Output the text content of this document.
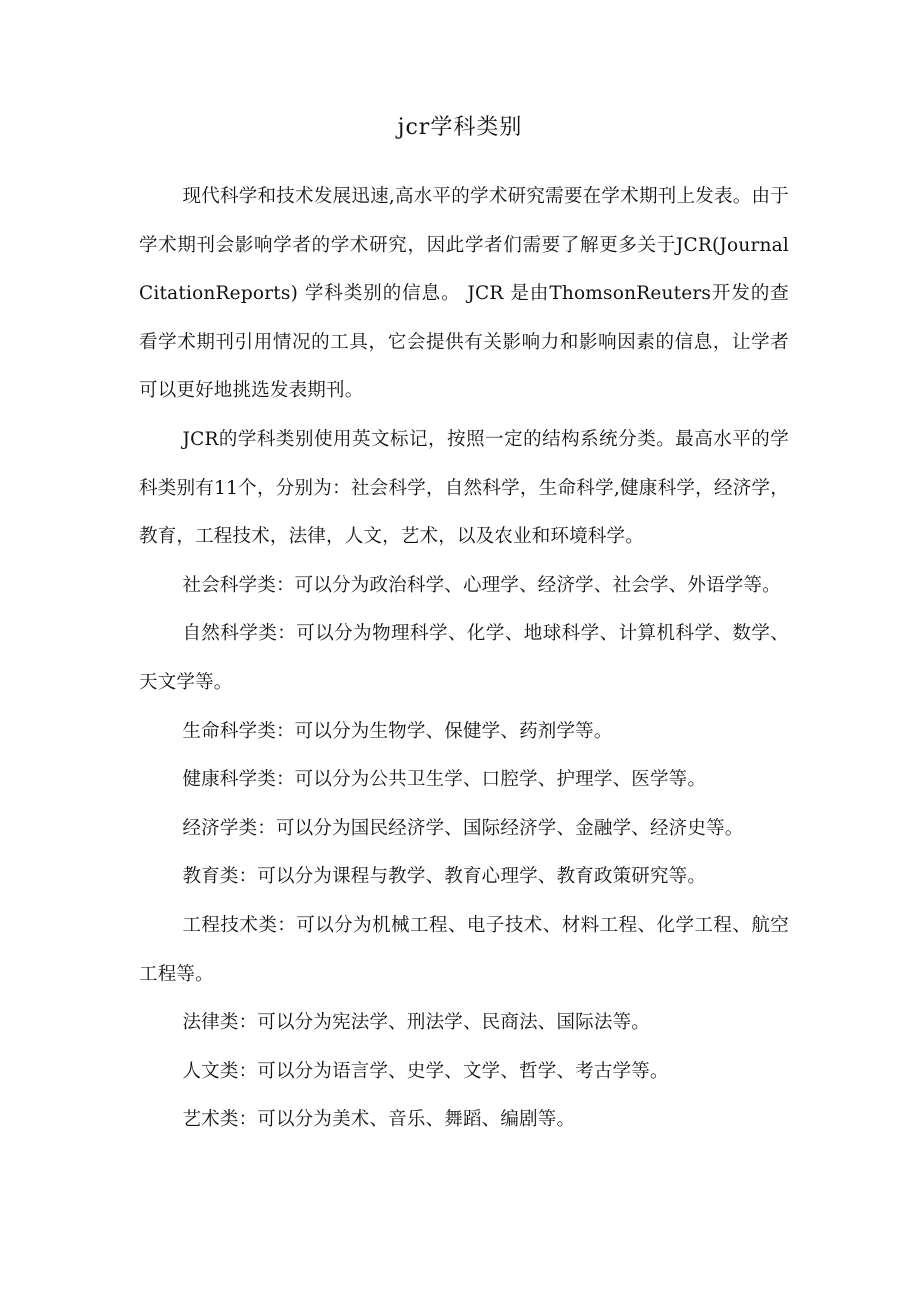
jcr学科类别

现代科学和技术发展迅速,高水平的学术研究需要在学术期刊上发表。由于学术期刊会影响学者的学术研究，因此学者们需要了解更多关于JCR(JournalCitationReports) 学科类别的信息。 JCR 是由ThomsonReuters开发的查看学术期刊引用情况的工具，它会提供有关影响力和影响因素的信息，让学者可以更好地挑选发表期刊。

JCR的学科类别使用英文标记，按照一定的结构系统分类。最高水平的学科类别有11个，分别为：社会科学，自然科学，生命科学,健康科学，经济学，教育，工程技术，法律，人文，艺术，以及农业和环境科学。

社会科学类：可以分为政治科学、心理学、经济学、社会学、外语学等。

自然科学类：可以分为物理科学、化学、地球科学、计算机科学、数学、天文学等。

生命科学类：可以分为生物学、保健学、药剂学等。

健康科学类：可以分为公共卫生学、口腔学、护理学、医学等。

经济学类：可以分为国民经济学、国际经济学、金融学、经济史等。

教育类：可以分为课程与教学、教育心理学、教育政策研究等。

工程技术类：可以分为机械工程、电子技术、材料工程、化学工程、航空工程等。

法律类：可以分为宪法学、刑法学、民商法、国际法等。

人文类：可以分为语言学、史学、文学、哲学、考古学等。

艺术类：可以分为美术、音乐、舞蹈、编剧等。
